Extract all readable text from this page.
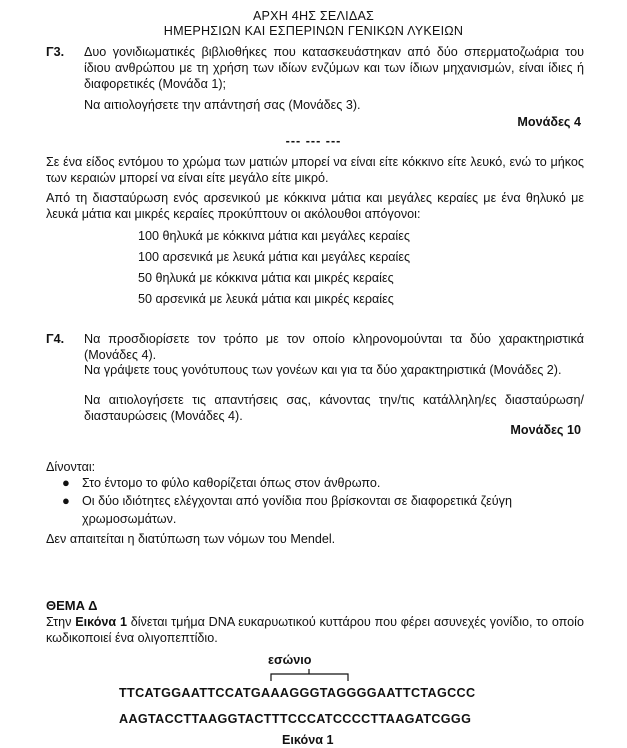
ΑΡΧΗ 4ΗΣ ΣΕΛΙΔΑΣ
ΗΜΕΡΗΣΙΩΝ ΚΑΙ ΕΣΠΕΡΙΝΩΝ ΓΕΝΙΚΩΝ ΛΥΚΕΙΩΝ
Γ3. Δυο γονιδιωματικές βιβλιοθήκες που κατασκευάστηκαν από δύο σπερματοζωάρια του ίδιου ανθρώπου με τη χρήση των ιδίων ενζύμων και των ίδιων μηχανισμών, είναι ίδιες ή διαφορετικές (Μονάδα 1);
Να αιτιολογήσετε την απάντησή σας (Μονάδες 3).
Μονάδες 4
--- --- ---
Σε ένα είδος εντόμου το χρώμα των ματιών μπορεί να είναι είτε κόκκινο είτε λευκό, ενώ το μήκος των κεραιών μπορεί να είναι είτε μεγάλο είτε μικρό.
Από τη διασταύρωση ενός αρσενικού με κόκκινα μάτια και μεγάλες κεραίες με ένα θηλυκό με λευκά μάτια και μικρές κεραίες προκύπτουν οι ακόλουθοι απόγονοι:
100 θηλυκά με κόκκινα μάτια και μεγάλες κεραίες
100 αρσενικά με λευκά μάτια και μεγάλες κεραίες
50 θηλυκά με κόκκινα μάτια και μικρές κεραίες
50 αρσενικά με λευκά μάτια και μικρές κεραίες
Γ4. Να προσδιορίσετε τον τρόπο με τον οποίο κληρονομούνται τα δύο χαρακτηριστικά (Μονάδες 4).
Να γράψετε τους γονότυπους των γονέων και για τα δύο χαρακτηριστικά (Μονάδες 2).
Να αιτιολογήσετε τις απαντήσεις σας, κάνοντας την/τις κατάλληλη/ες διασταύρωση/διασταυρώσεις (Μονάδες 4).
Μονάδες 10
Δίνονται:
● Στο έντομο το φύλο καθορίζεται όπως στον άνθρωπο.
● Οι δύο ιδιότητες ελέγχονται από γονίδια που βρίσκονται σε διαφορετικά ζεύγη χρωμοσωμάτων.
Δεν απαιτείται η διατύπωση των νόμων του Mendel.
ΘΕΜΑ Δ
Στην Εικόνα 1 δίνεται τμήμα DNA ευκαρυωτικού κυττάρου που φέρει ασυνεχές γονίδιο, το οποίο κωδικοποιεί ένα ολιγοπεπτίδιο.
εσώνιο
TTCATGGAATTCCATGAAAGGGTAGGGGAATTCTAGCCC
AAGTACCTTAAGGTACTTTCCCATCCCCTTAAGATCGGG
Εικόνα 1
